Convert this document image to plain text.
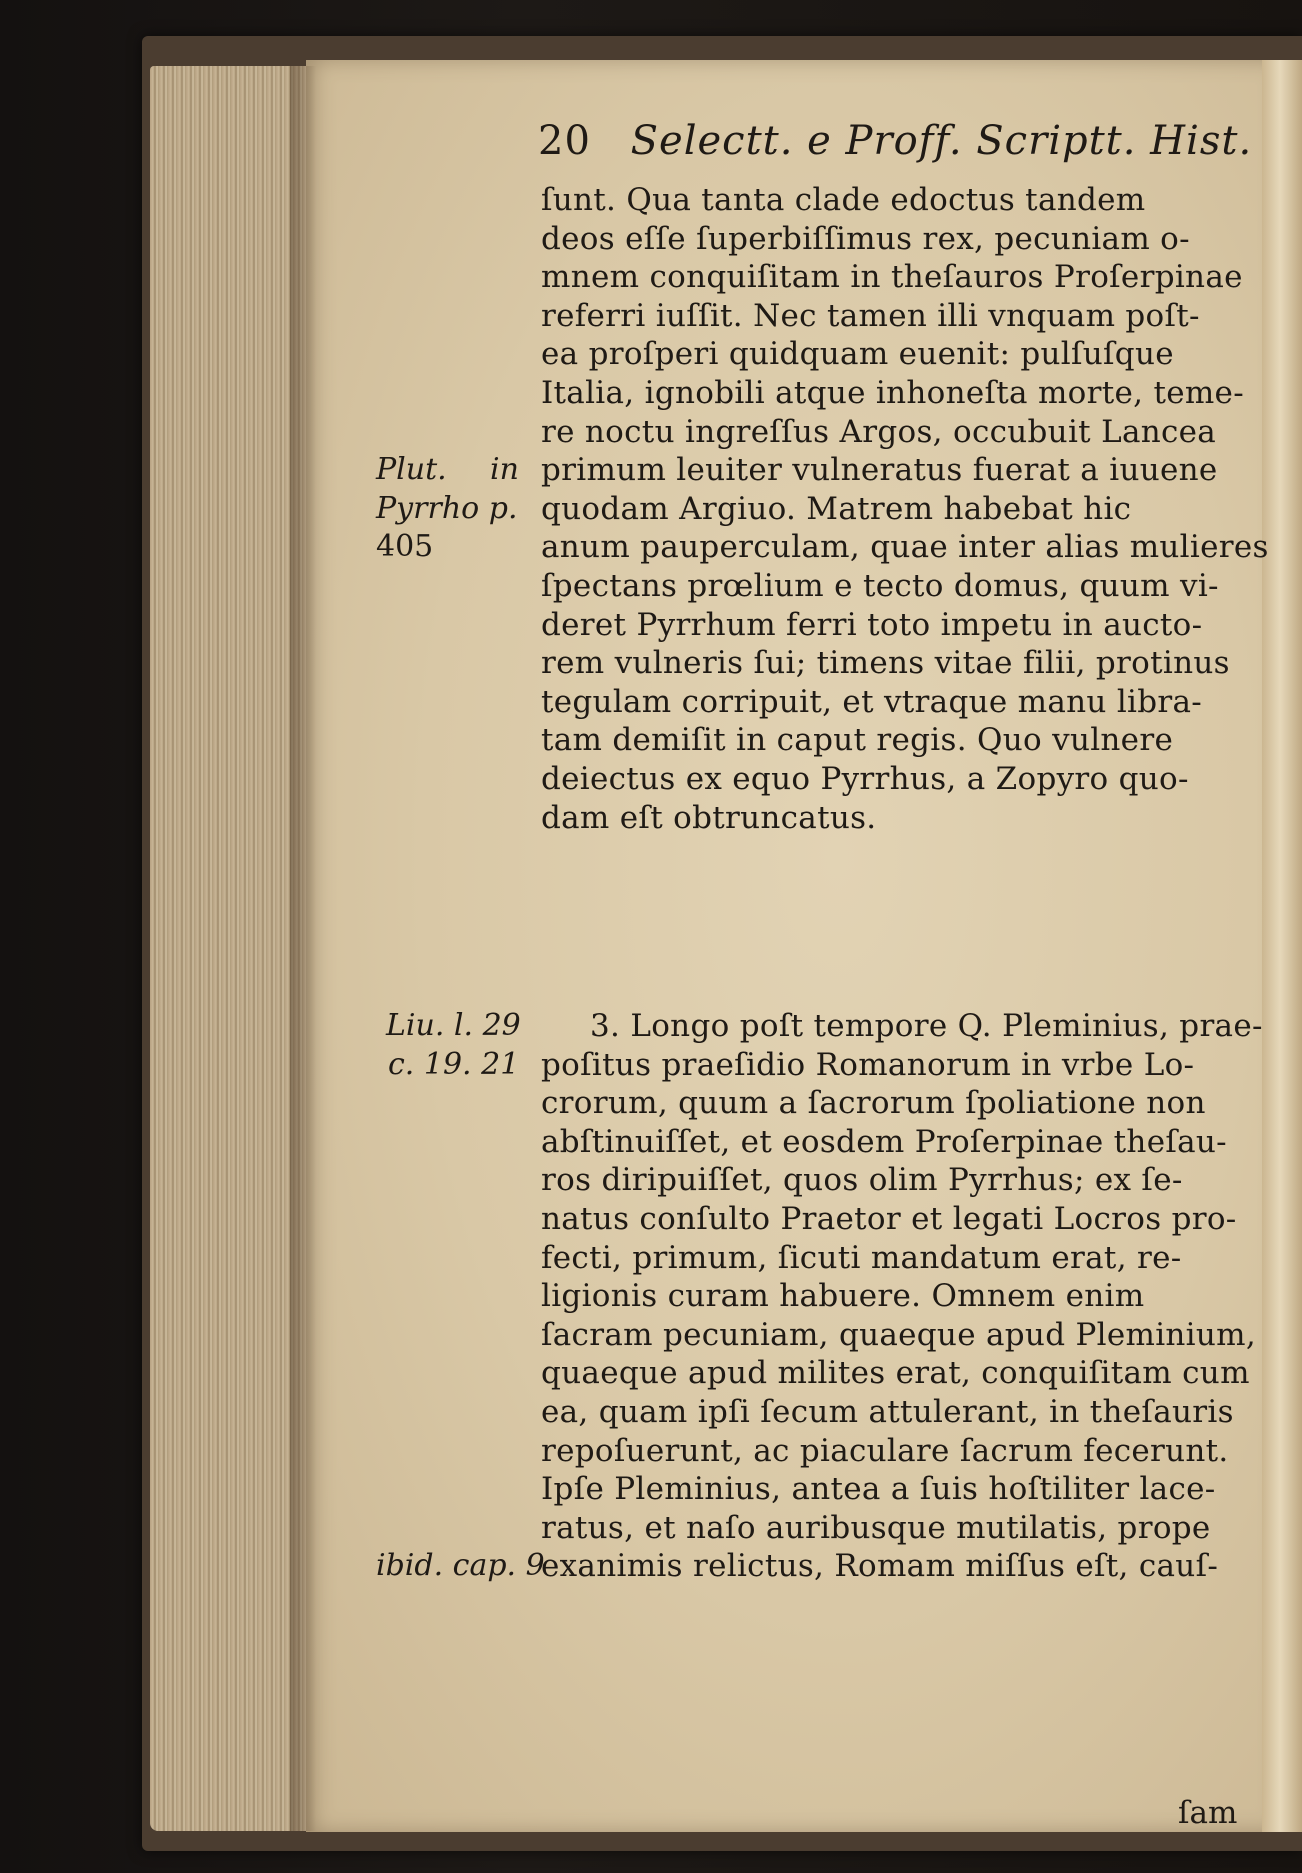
20 Selectt. e Proff. Scriptt. Hist.
ſunt. Qua tanta clade edoctus tandem
deos eſſe ſuperbiſſimus rex, pecuniam o-
mnem conquiſitam in theſauros Proſerpinae
referri iuſſit. Nec tamen illi vnquam poſt-
ea proſperi quidquam euenit: pulſuſque
Italia, ignobili atque inhoneſta morte, teme-
re noctu ingreſſus Argos, occubuit Lancea
primum leuiter vulneratus fuerat a iuuene
quodam Argiuo. Matrem habebat hic
anum pauperculam, quae inter alias mulieres
ſpectans prœlium e tecto domus, quum vi-
deret Pyrrhum ferri toto impetu in aucto-
rem vulneris ſui; timens vitae filii, protinus
tegulam corripuit, et vtraque manu libra-
tam demiſit in caput regis. Quo vulnere
deiectus ex equo Pyrrhus, a Zopyro quo-
dam eſt obtruncatus.
3. Longo poſt tempore Q. Pleminius, prae-
poſitus praeſidio Romanorum in vrbe Lo-
crorum, quum a ſacrorum ſpoliatione non
abſtinuiſſet, et eosdem Proſerpinae theſau-
ros diripuiſſet, quos olim Pyrrhus; ex ſe-
natus conſulto Praetor et legati Locros pro-
fecti, primum, ſicuti mandatum erat, re-
ligionis curam habuere. Omnem enim
ſacram pecuniam, quaeque apud Pleminium,
quaeque apud milites erat, conquiſitam cum
ea, quam ipſi ſecum attulerant, in theſauris
repoſuerunt, ac piaculare ſacrum fecerunt.
Ipſe Pleminius, antea a ſuis hoſtiliter lace-
ratus, et naſo auribusque mutilatis, prope
exanimis relictus, Romam miſſus eſt, cauſ-
Plut. in
Pyrrho p.
405
Liu. l. 29
c. 19. 21
ibid. cap. 9
ſam
